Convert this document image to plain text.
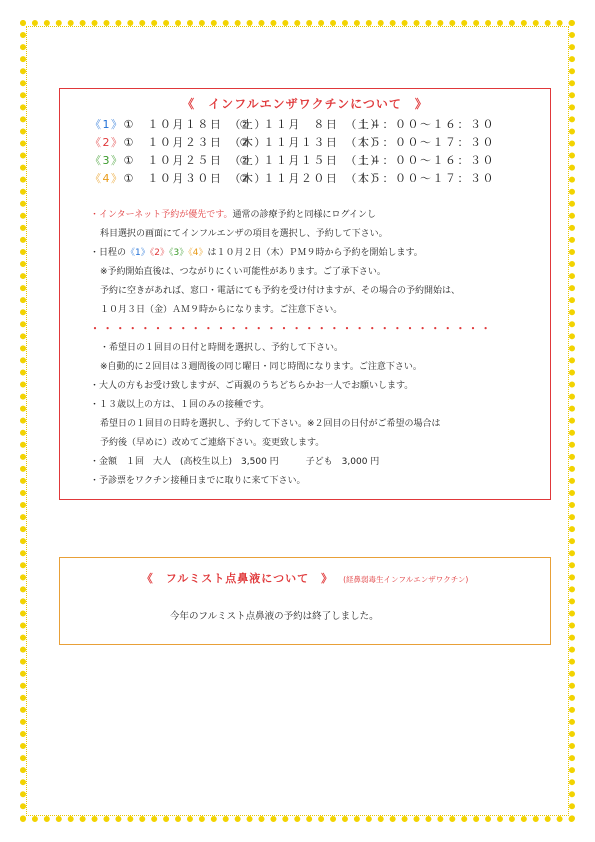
《　インフルエンザワクチンについて　》
《1》①　１０月１８日　（土）②　１１月　８日　（土）１４：００〜１６：３０
《2》①　１０月２３日　（木）②　１１月１３日　（木）１５：００〜１７：３０
《3》①　１０月２５日　（土）②　１１月１５日　（土）１４：００〜１６：３０
《4》①　１０月３０日　（木）②　１１月２０日　（木）１５：００〜１７：３０

・インターネット予約が優先です。通常の診療予約と同様にログインし

科目選択の画面にてインフルエンザの項目を選択し、予約して下さい。

・日程の《1》《2》《3》《4》は１０月２日（木）ＰＭ９時から予約を開始します。

※予約開始直後は、つながりにくい可能性があります。ご了承下さい。

予約に空きがあれば、窓口・電話にても予約を受け付けますが、その場合の予約開始は、

１０月３日（金）ＡＭ９時からになります。ご注意下さい。

・・・・・・・・・・・・・・・・・・・・・・・・・・・・・・・・

・希望日の１回目の日付と時間を選択し、予約して下さい。

※自動的に２回目は３週間後の同じ曜日・同じ時間になります。ご注意下さい。

・大人の方もお受け致しますが、ご両親のうちどちらかお一人でお願いします。

・１３歳以上の方は、１回のみの接種です。

希望日の１回目の日時を選択し、予約して下さい。※２回目の日付がご希望の場合は

予約後（早めに）改めてご連絡下さい。変更致します。

・金額　１回　大人　(高校生以上)　3,500 円　　　子ども　3,000 円

・予診票をワクチン接種日までに取りに来て下さい。

《　フルミスト点鼻液について　》 (経鼻弱毒生インフルエンザワクチン)
今年のフルミスト点鼻液の予約は終了しました。
